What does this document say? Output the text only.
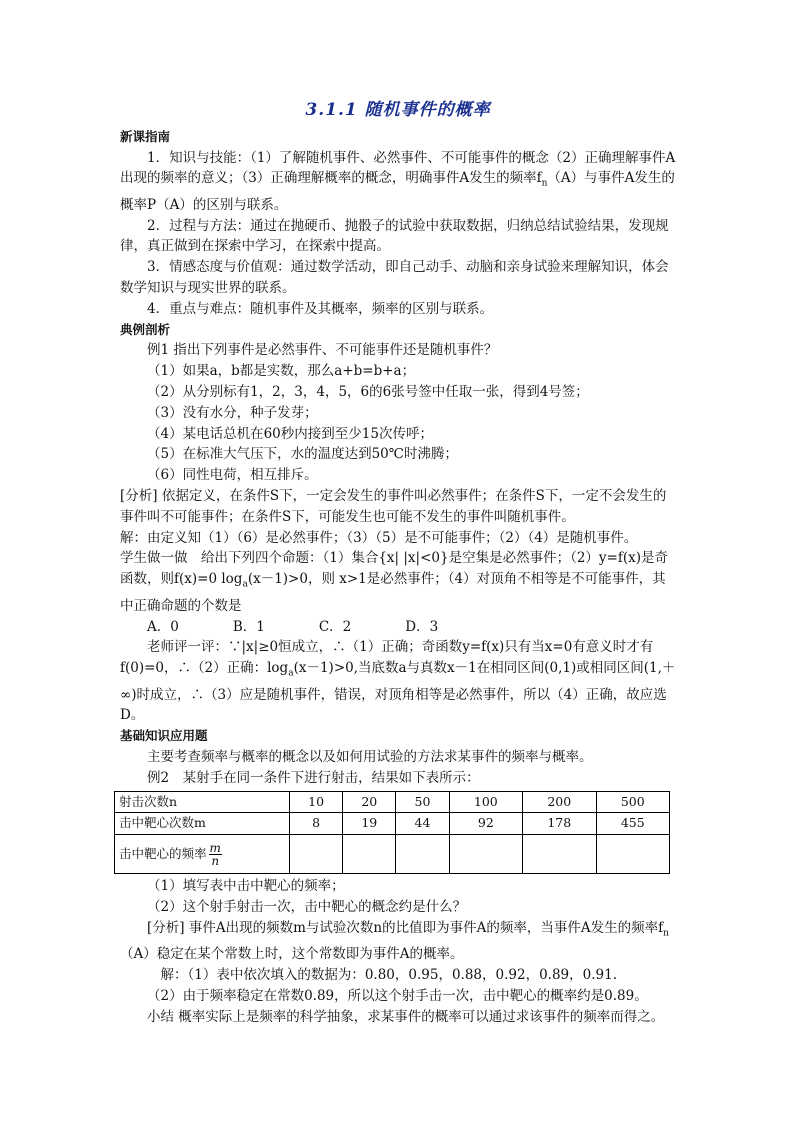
3.1.1 随机事件的概率

新课指南

1．知识与技能：（1）了解随机事件、必然事件、不可能事件的概念（2）正确理解事件A出现的频率的意义；（3）正确理解概率的概念，明确事件A发生的频率$f_n(A)$与事件A发生的概率P（A）的区别与联系。

2．过程与方法：通过在抛硬币、抛骰子的试验中获取数据，归纳总结试验结果，发现规律，真正做到在探索中学习，在探索中提高。

3．情感态度与价值观：通过数学活动，即自己动手、动脑和亲身试验来理解知识，体会数学知识与现实世界的联系。

4．重点与难点：随机事件及其概率，频率的区别与联系。

典例剖析

例1 指出下列事件是必然事件、不可能事件还是随机事件？

（1）如果a，b都是实数，那么a+b=b+a；

（2）从分别标有1，2，3，4，5，6的6张号签中任取一张，得到4号签；

（3）没有水分，种子发芽；

（4）某电话总机在60秒内接到至少15次传呼；

（5）在标准大气压下，水的温度达到50℃时沸腾；

（6）同性电荷，相互排斥。

[分析] 依据定义，在条件S下，一定会发生的事件叫必然事件；在条件S下，一定不会发生的事件叫不可能事件；在条件S下，可能发生也可能不发生的事件叫随机事件。

解：由定义知（1）（6）是必然事件；（3）（5）是不可能事件；（2）（4）是随机事件。

学生做一做　给出下列四个命题：（1）集合{x| |x|<0}是空集是必然事件；（2）y=f(x)是奇函数，则f(x)=0 $\log_a(x-1)>0$，则 x>1是必然事件；（4）对顶角不相等是不可能事件，其中正确命题的个数是

A．0　　　　B．1　　　　C．2　　　　D．3

老师评一评：∵|x|≥0恒成立，∴（1）正确；奇函数y=f(x)只有当x=0有意义时才有f(0)=0，∴（2）正确：$\log_a(x-1)>0$,当底数a与真数x－1在相同区间(0,1)或相同区间(1,＋∞)时成立，∴（3）应是随机事件，错误，对顶角相等是必然事件，所以（4）正确，故应选D。

基础知识应用题

主要考查频率与概率的概念以及如何用试验的方法求某事件的频率与概率。

例2　某射手在同一条件下进行射击，结果如下表所示：

射击次数n	10	20	50	100	200	500
击中靶心次数m	8	19	44	92	178	455
击中靶心的频率 $\frac{m}{n}$

（1）填写表中击中靶心的频率；

（2）这个射手射击一次，击中靶心的概念约是什么？

[分析] 事件A出现的频数m与试验次数n的比值即为事件A的频率，当事件A发生的频率$f_n(A)$稳定在某个常数上时，这个常数即为事件A的概率。

解：（1）表中依次填入的数据为：0.80，0.95，0.88，0.92，0.89，0.91.

（2）由于频率稳定在常数0.89，所以这个射手击一次，击中靶心的概率约是0.89。

小结 概率实际上是频率的科学抽象，求某事件的概率可以通过求该事件的频率而得之。
